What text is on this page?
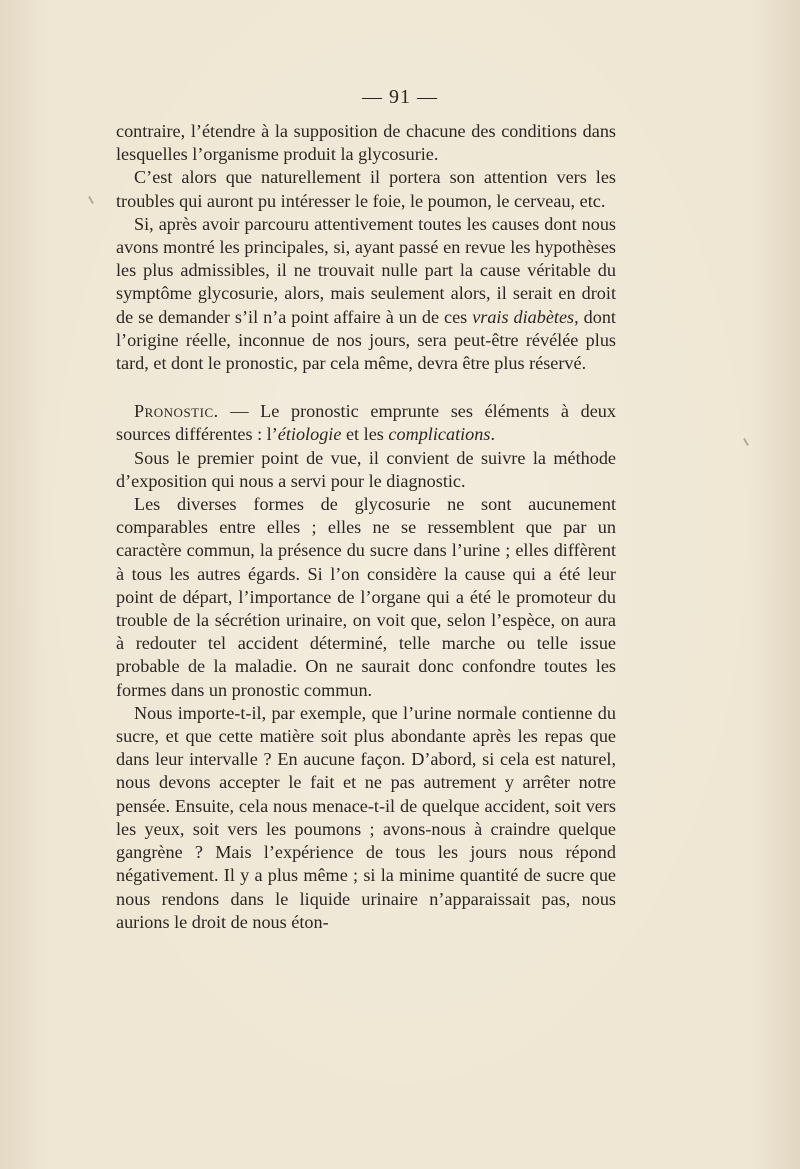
— 91 —

contraire, l’étendre à la supposition de chacune des conditions dans lesquelles l’organisme produit la glycosurie.

C’est alors que naturellement il portera son attention vers les troubles qui auront pu intéresser le foie, le poumon, le cerveau, etc.

Si, après avoir parcouru attentivement toutes les causes dont nous avons montré les principales, si, ayant passé en revue les hypothèses les plus admissibles, il ne trouvait nulle part la cause véritable du symptôme glycosurie, alors, mais seulement alors, il serait en droit de se demander s’il n’a point affaire à un de ces vrais diabètes, dont l’origine réelle, inconnue de nos jours, sera peut-être révélée plus tard, et dont le pronostic, par cela même, devra être plus réservé.

Pronostic. — Le pronostic emprunte ses éléments à deux sources différentes : l’étiologie et les complications.

Sous le premier point de vue, il convient de suivre la méthode d’exposition qui nous a servi pour le diagnostic.

Les diverses formes de glycosurie ne sont aucunement comparables entre elles ; elles ne se ressemblent que par un caractère commun, la présence du sucre dans l’urine ; elles diffèrent à tous les autres égards. Si l’on considère la cause qui a été leur point de départ, l’importance de l’organe qui a été le promoteur du trouble de la sécrétion urinaire, on voit que, selon l’espèce, on aura à redouter tel accident déterminé, telle marche ou telle issue probable de la maladie. On ne saurait donc confondre toutes les formes dans un pronostic commun.

Nous importe-t-il, par exemple, que l’urine normale contienne du sucre, et que cette matière soit plus abondante après les repas que dans leur intervalle ? En aucune façon. D’abord, si cela est naturel, nous devons accepter le fait et ne pas autrement y arrêter notre pensée. Ensuite, cela nous menace-t-il de quelque accident, soit vers les yeux, soit vers les poumons ; avons-nous à craindre quelque gangrène ? Mais l’expérience de tous les jours nous répond négativement. Il y a plus même ; si la minime quantité de sucre que nous rendons dans le liquide urinaire n’apparaissait pas, nous aurions le droit de nous éton-
